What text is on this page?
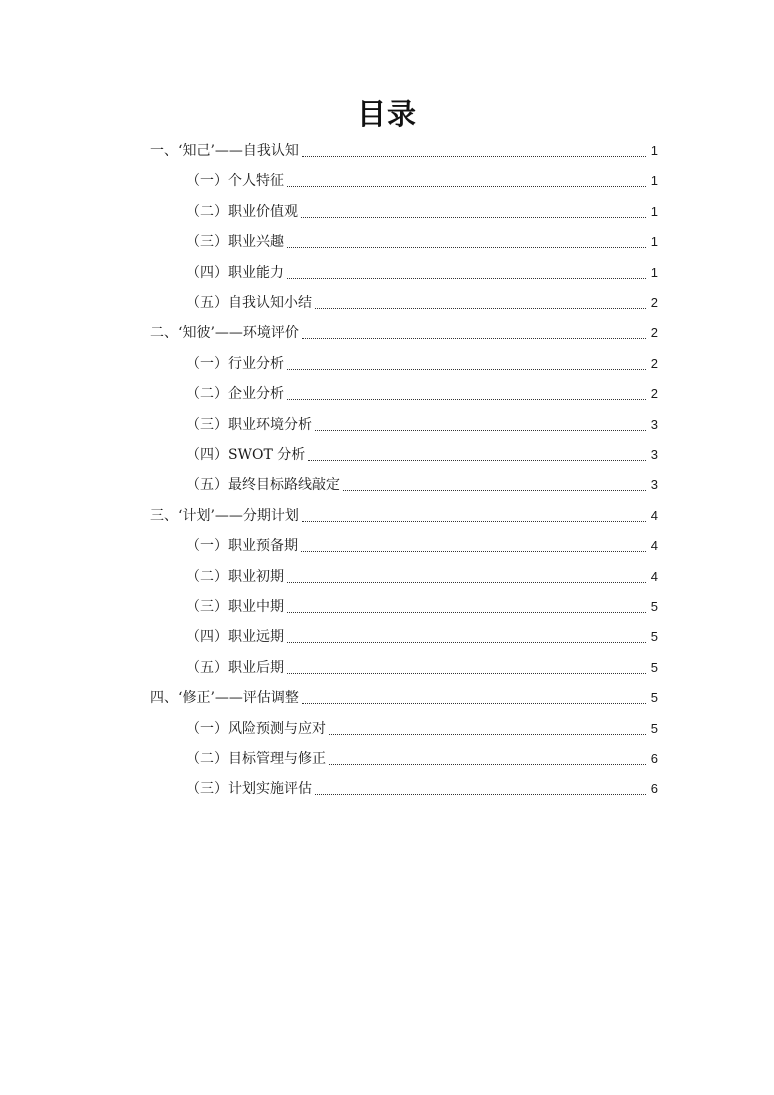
目录
一、‘知己’——自我认知	1
（一）个人特征	1
（二）职业价值观	1
（三）职业兴趣	1
（四）职业能力	1
（五）自我认知小结	2
二、‘知彼’——环境评价	2
（一）行业分析	2
（二）企业分析	2
（三）职业环境分析	3
（四）SWOT 分析	3
（五）最终目标路线敲定	3
三、‘计划’——分期计划	4
（一）职业预备期	4
（二）职业初期	4
（三）职业中期	5
（四）职业远期	5
（五）职业后期	5
四、‘修正’——评估调整	5
（一）风险预测与应对	5
（二）目标管理与修正	6
（三）计划实施评估	6
